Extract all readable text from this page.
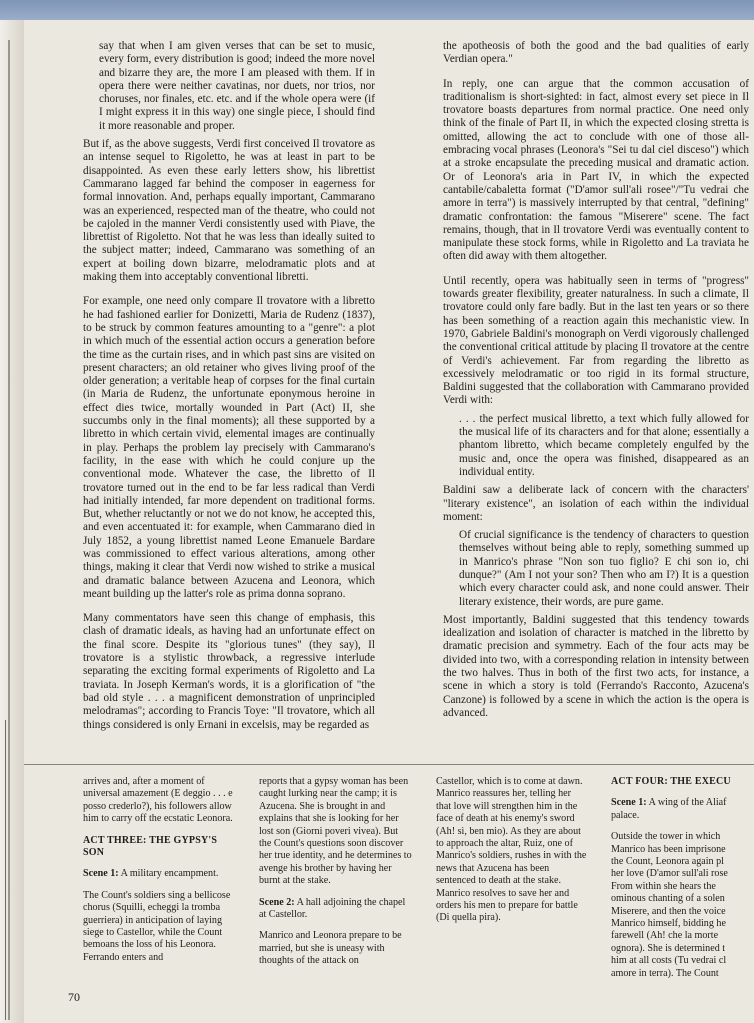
say that when I am given verses that can be set to music, every form, every distribution is good; indeed the more novel and bizarre they are, the more I am pleased with them. If in opera there were neither cavatinas, nor duets, nor trios, nor choruses, nor finales, etc. etc. and if the whole opera were (if I might express it in this way) one single piece, I should find it more reasonable and proper.

But if, as the above suggests, Verdi first conceived Il trovatore as an intense sequel to Rigoletto, he was at least in part to be disappointed. As even these early letters show, his librettist Cammarano lagged far behind the composer in eagerness for formal innovation. And, perhaps equally important, Cammarano was an experienced, respected man of the theatre, who could not be cajoled in the manner Verdi consistently used with Piave, the librettist of Rigoletto. Not that he was less than ideally suited to the subject matter; indeed, Cammarano was something of an expert at boiling down bizarre, melodramatic plots and at making them into acceptably conventional libretti.

For example, one need only compare Il trovatore with a libretto he had fashioned earlier for Donizetti, Maria de Rudenz (1837), to be struck by common features amounting to a "genre": a plot in which much of the essential action occurs a generation before the time as the curtain rises, and in which past sins are visited on present characters; an old retainer who gives living proof of the older generation; a veritable heap of corpses for the final curtain (in Maria de Rudenz, the unfortunate eponymous heroine in effect dies twice, mortally wounded in Part (Act) II, she succumbs only in the final moments); all these supported by a libretto in which certain vivid, elemental images are continually in play. Perhaps the problem lay precisely with Cammarano's facility, in the ease with which he could conjure up the conventional mode. Whatever the case, the libretto of Il trovatore turned out in the end to be far less radical than Verdi had initially intended, far more dependent on traditional forms. But, whether reluctantly or not we do not know, he accepted this, and even accentuated it: for example, when Cammarano died in July 1852, a young librettist named Leone Emanuele Bardare was commissioned to effect various alterations, among other things, making it clear that Verdi now wished to strike a musical and dramatic balance between Azucena and Leonora, which meant building up the latter's role as prima donna soprano.

Many commentators have seen this change of emphasis, this clash of dramatic ideals, as having had an unfortunate effect on the final score. Despite its "glorious tunes" (they say), Il trovatore is a stylistic throwback, a regressive interlude separating the exciting formal experiments of Rigoletto and La traviata. In Joseph Kerman's words, it is a glorification of "the bad old style . . . a magnificent demonstration of unprincipled melodramas"; according to Francis Toye: "Il trovatore, which all things considered is only Ernani in excelsis, may be regarded as

the apotheosis of both the good and the bad qualities of early Verdian opera."

In reply, one can argue that the common accusation of traditionalism is short-sighted: in fact, almost every set piece in Il trovatore boasts departures from normal practice. One need only think of the finale of Part II, in which the expected closing stretta is omitted, allowing the act to conclude with one of those all-embracing vocal phrases (Leonora's "Sei tu dal ciel disceso") which at a stroke encapsulate the preceding musical and dramatic action. Or of Leonora's aria in Part IV, in which the expected cantabile/cabaletta format ("D'amor sull'ali rosee"/"Tu vedrai che amore in terra") is massively interrupted by that central, "defining" dramatic confrontation: the famous "Miserere" scene. The fact remains, though, that in Il trovatore Verdi was eventually content to manipulate these stock forms, while in Rigoletto and La traviata he often did away with them altogether.

Until recently, opera was habitually seen in terms of "progress" towards greater flexibility, greater naturalness. In such a climate, Il trovatore could only fare badly. But in the last ten years or so there has been something of a reaction again this mechanistic view. In 1970, Gabriele Baldini's monograph on Verdi vigorously challenged the conventional critical attitude by placing Il trovatore at the centre of Verdi's achievement. Far from regarding the libretto as excessively melodramatic or too rigid in its formal structure, Baldini suggested that the collaboration with Cammarano provided Verdi with:

. . . the perfect musical libretto, a text which fully allowed for the musical life of its characters and for that alone; essentially a phantom libretto, which became completely engulfed by the music and, once the opera was finished, disappeared as an individual entity.

Baldini saw a deliberate lack of concern with the characters' "literary existence", an isolation of each within the individual moment:

Of crucial significance is the tendency of characters to question themselves without being able to reply, something summed up in Manrico's phrase "Non son tuo figlio? E chi son io, chi dunque?" (Am I not your son? Then who am I?) It is a question which every character could ask, and none could answer. Their literary existence, their words, are pure game.

Most importantly, Baldini suggested that this tendency towards idealization and isolation of character is matched in the libretto by dramatic precision and symmetry. Each of the four acts may be divided into two, with a corresponding relation in intensity between the two halves. Thus in both of the first two acts, for instance, a scene in which a story is told (Ferrando's Racconto, Azucena's Canzone) is followed by a scene in which the action is the opera is advanced.

arrives and, after a moment of universal amazement (E deggio . . . e posso crederlo?), his followers allow him to carry off the ecstatic Leonora.

ACT THREE: THE GYPSY'S SON

Scene 1: A military encampment.

The Count's soldiers sing a bellicose chorus (Squilli, echeggi la tromba guerriera) in anticipation of laying siege to Castellor, while the Count bemoans the loss of his Leonora. Ferrando enters and

reports that a gypsy woman has been caught lurking near the camp; it is Azucena. She is brought in and explains that she is looking for her lost son (Giorni poveri vivea). But the Count's questions soon discover her true identity, and he determines to avenge his brother by having her burnt at the stake.

Scene 2: A hall adjoining the chapel at Castellor.

Manrico and Leonora prepare to be married, but she is uneasy with thoughts of the attack on

Castellor, which is to come at dawn. Manrico reassures her, telling her that love will strengthen him in the face of death at his enemy's sword (Ah! sì, ben mio). As they are about to approach the altar, Ruiz, one of Manrico's soldiers, rushes in with the news that Azucena has been sentenced to death at the stake. Manrico resolves to save her and orders his men to prepare for battle (Di quella pira).

ACT FOUR: THE EXECU

Scene 1: A wing of the Aliaf palace.

Outside the tower in which
Manrico has been imprisone
the Count, Leonora again pl
her love (D'amor sull'ali rose
From within she hears the
ominous chanting of a solen
Miserere, and then the voice
Manrico himself, bidding he
farewell (Ah! che la morte
ognora). She is determined t
him at all costs (Tu vedrai cl
amore in terra). The Count
70
